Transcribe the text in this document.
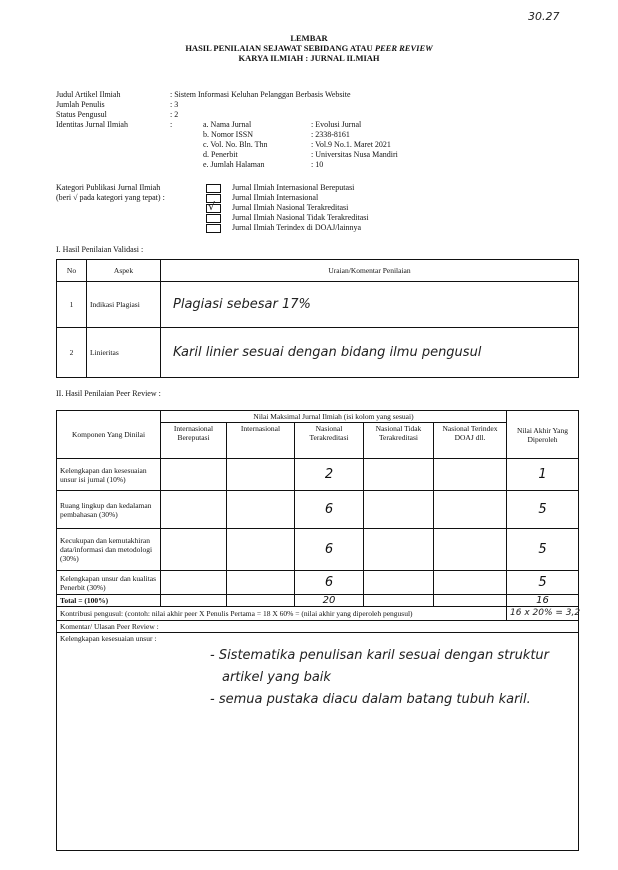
30.27
LEMBAR
HASIL PENILAIAN SEJAWAT SEBIDANG ATAU PEER REVIEW
KARYA ILMIAH : JURNAL ILMIAH
Judul Artikel Ilmiah	: Sistem Informasi Keluhan Pelanggan Berbasis Website
Jumlah Penulis	: 3
Status Pengusul	: 2
Identitas Jurnal Ilmiah	:	a. Nama Jurnal	: Evolusi Jurnal
b. Nomor ISSN	: 2338-8161
c. Vol. No. Bln. Thn	: Vol.9 No.1. Maret 2021
d. Penerbit	: Universitas Nusa Mandiri
e. Jumlah Halaman	: 10
Kategori Publikasi Jurnal Ilmiah
(beri √ pada kategori yang tepat) :
Jurnal Ilmiah Internasional Bereputasi
Jurnal Ilmiah Internasional
√ Jurnal Ilmiah Nasional Terakreditasi
Jurnal Ilmiah Nasional Tidak Terakreditasi
Jurnal Ilmiah Terindex di DOAJ/lainnya
I. Hasil Penilaian Validasi :
No	Aspek	Uraian/Komentar Penilaian
1	Indikasi Plagiasi	Plagiasi sebesar 17%
2	Linieritas	Karil linier sesuai dengan bidang ilmu pengusul
II. Hasil Penilaian Peer Review :
Komponen Yang Dinilai	Nilai Maksimal Jurnal Ilmiah (isi kolom yang sesuai)					Nilai Akhir Yang Diperoleh
	Internasional Bereputasi	Internasional	Nasional Terakreditasi	Nasional Tidak Terakreditasi	Nasional Terindex DOAJ dll.	
Kelengkapan dan kesesuaian unsur isi jurnal (10%)			2			1
Ruang lingkup dan kedalaman pembahasan (30%)			6			5
Kecukupan dan kemutakhiran data/informasi dan metodologi (30%)			6			5
Kelengkapan unsur dan kualitas Penerbit (30%)			6			5
Total = (100%)			20			16
Kontribusi pengusul: (contoh: nilai akhir peer X Penulis Pertama = 18 X 60% = (nilai akhir yang diperoleh pengusul)						16 x 20% = 3,2
Komentar/ Ulasan Peer Review :						

Kelengkapan kesesuaian unsur :
- Sistematika penulisan karil sesuai dengan struktur
artikel yang baik
- semua pustaka diacu dalam batang tubuh karil.						
